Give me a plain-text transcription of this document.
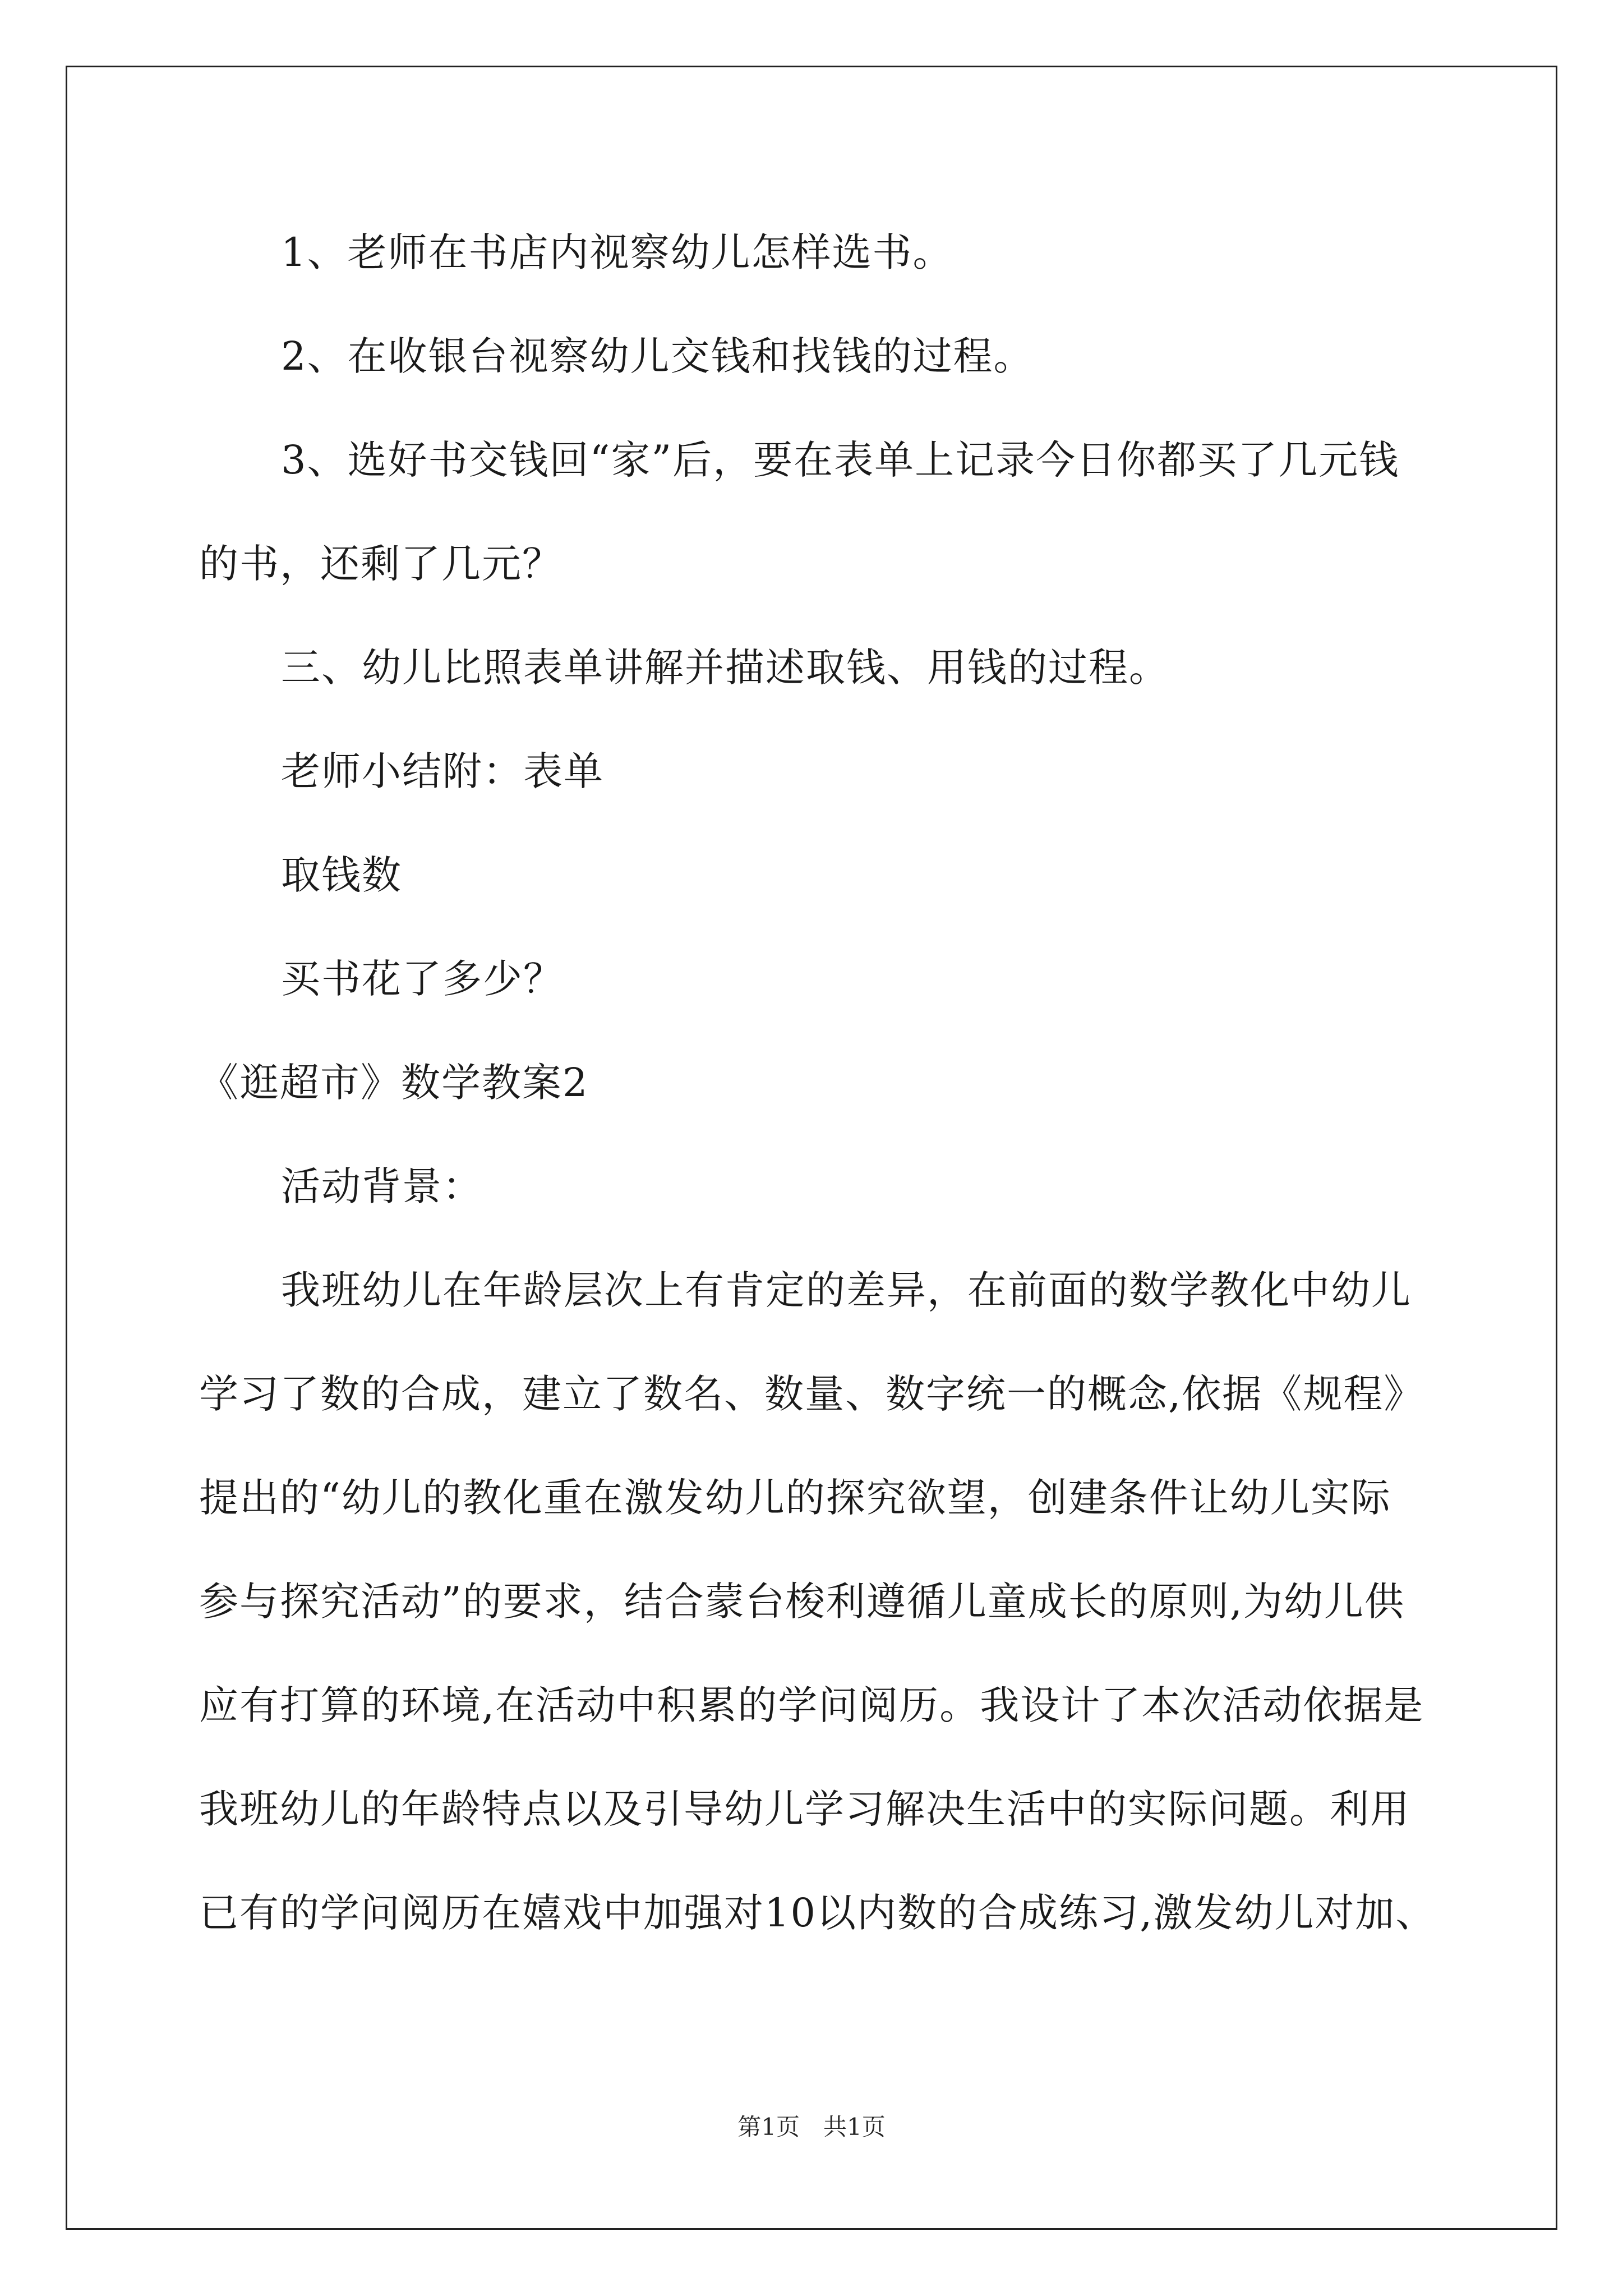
1、老师在书店内视察幼儿怎样选书。
2、在收银台视察幼儿交钱和找钱的过程。
3、选好书交钱回“家”后，要在表单上记录今日你都买了几元钱
的书，还剩了几元？
三、幼儿比照表单讲解并描述取钱、用钱的过程。
老师小结附：表单
取钱数
买书花了多少？
《逛超市》数学教案2
活动背景：
我班幼儿在年龄层次上有肯定的差异，在前面的数学教化中幼儿
学习了数的合成，建立了数名、数量、数字统一的概念,依据《规程》
提出的“幼儿的教化重在激发幼儿的探究欲望，创建条件让幼儿实际
参与探究活动”的要求，结合蒙台梭利遵循儿童成长的原则,为幼儿供
应有打算的环境,在活动中积累的学问阅历。我设计了本次活动依据是
我班幼儿的年龄特点以及引导幼儿学习解决生活中的实际问题。利用
已有的学问阅历在嬉戏中加强对10以内数的合成练习,激发幼儿对加、
第1页　共1页
